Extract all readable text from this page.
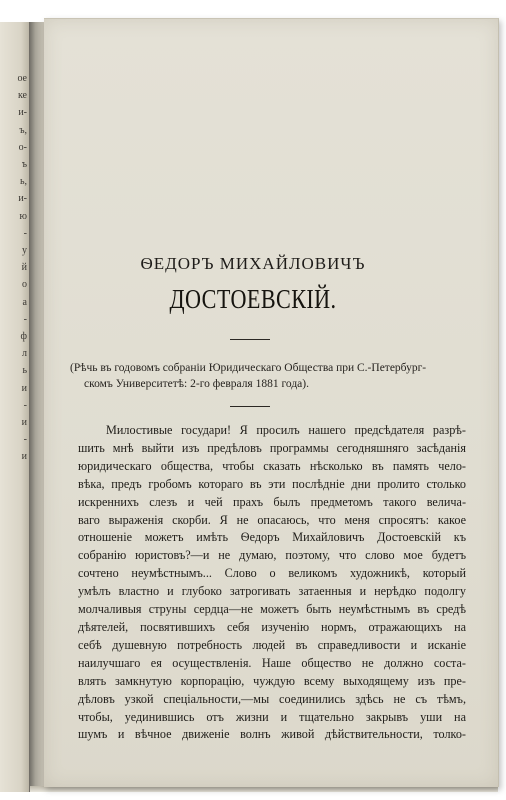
ое
ке
и-
ъ,
о-
ъ
ь,
и-
ю
-
у
й
о
а
-
ф
л
ь
и
-
и
-
и
ѲЕДОРЪ МИХАЙЛОВИЧЪ
ДОСТОЕВСКІЙ.
(Рѣчь въ годовомъ собраніи Юридическаго Общества при С.-Петербург-
скомъ Университетѣ: 2-го февраля 1881 года).
Милостивые государи! Я просилъ нашего предсѣдателя разрѣ-
шить мнѣ выйти изъ предѣловъ программы сегодняшняго засѣданія
юридическаго общества, чтобы сказать нѣсколько въ память чело-
вѣка, предъ гробомъ котораго въ эти послѣдніе дни пролито столько
искреннихъ слезъ и чей прахъ былъ предметомъ такого велича-
ваго выраженія скорби. Я не опасаюсь, что меня спросятъ: какое
отношеніе можетъ имѣть Ѳедоръ Михайловичъ Достоевскій къ
собранію юристовъ?—и не думаю, поэтому, что слово мое будетъ
сочтено неумѣстнымъ... Слово о великомъ художникѣ, который
умѣлъ властно и глубоко затрогивать затаенныя и нерѣдко подолгу
молчаливыя струны сердца—не можетъ быть неумѣстнымъ въ средѣ
дѣятелей, посвятившихъ себя изученію нормъ, отражающихъ на
себѣ душевную потребность людей въ справедливости и исканіе
наилучшаго ея осуществленія. Наше общество не должно соста-
влять замкнутую корпорацію, чуждую всему выходящему изъ пре-
дѣловъ узкой спеціальности,—мы соединились здѣсь не съ тѣмъ,
чтобы, уединившись отъ жизни и тщательно закрывъ уши на
шумъ и вѣчное движеніе волнъ живой дѣйствительности, толко-
